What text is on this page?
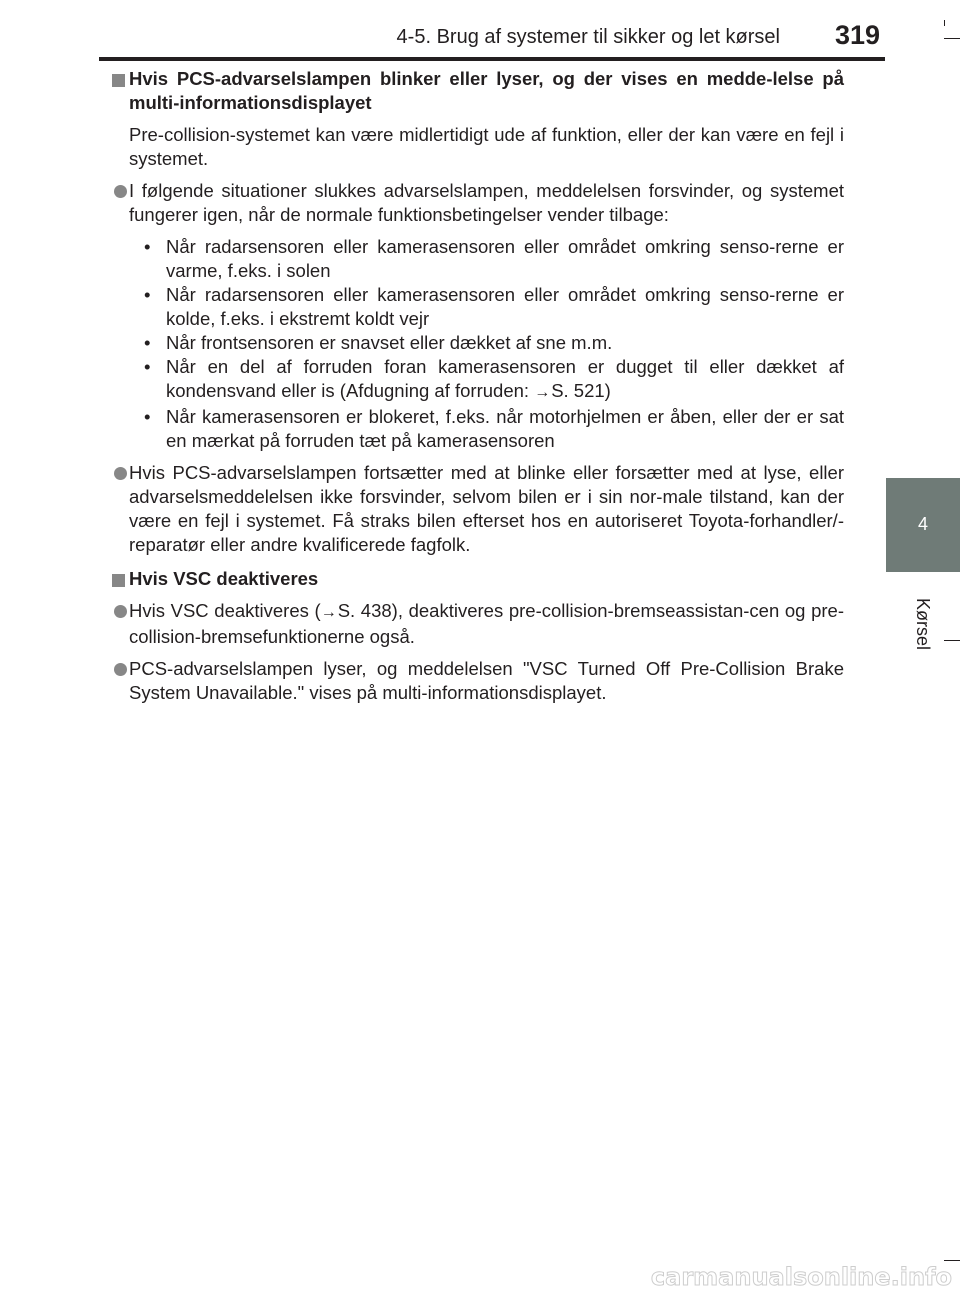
4-5. Brug af systemer til sikker og let kørsel	319
4
Kørsel
Hvis PCS-advarselslampen blinker eller lyser, og der vises en medde-lelse på multi-informationsdisplayet
Pre-collision-systemet kan være midlertidigt ude af funktion, eller der kan være en fejl i systemet.
I følgende situationer slukkes advarselslampen, meddelelsen forsvinder, og systemet fungerer igen, når de normale funktionsbetingelser vender tilbage:
• Når radarsensoren eller kamerasensoren eller området omkring senso-rerne er varme, f.eks. i solen
• Når radarsensoren eller kamerasensoren eller området omkring senso-rerne er kolde, f.eks. i ekstremt koldt vejr
• Når frontsensoren er snavset eller dækket af sne m.m.
• Når en del af forruden foran kamerasensoren er dugget til eller dækket af kondensvand eller is (Afdugning af forruden: →S. 521)
• Når kamerasensoren er blokeret, f.eks. når motorhjelmen er åben, eller der er sat en mærkat på forruden tæt på kamerasensoren
Hvis PCS-advarselslampen fortsætter med at blinke eller forsætter med at lyse, eller advarselsmeddelelsen ikke forsvinder, selvom bilen er i sin nor-male tilstand, kan der være en fejl i systemet. Få straks bilen efterset hos en autoriseret Toyota-forhandler/-reparatør eller andre kvalificerede fagfolk.
Hvis VSC deaktiveres
Hvis VSC deaktiveres (→S. 438), deaktiveres pre-collision-bremseassistan-cen og pre-collision-bremsefunktionerne også.
PCS-advarselslampen lyser, og meddelelsen "VSC Turned Off Pre-Collision Brake System Unavailable." vises på multi-informationsdisplayet.
carmanualsonline.info
